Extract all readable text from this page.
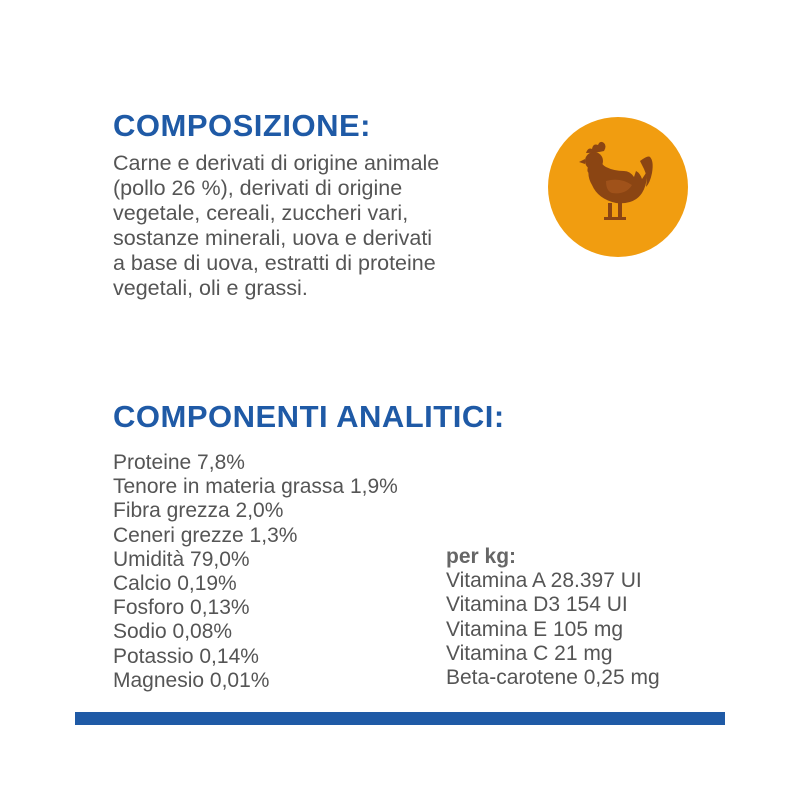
COMPOSIZIONE:

Carne e derivati di origine animale
(pollo 26 %), derivati di origine
vegetale, cereali, zuccheri vari,
sostanze minerali, uova e derivati
a base di uova, estratti di proteine
vegetali, oli e grassi.

COMPONENTI ANALITICI:
Proteine 7,8%
Tenore in materia grassa 1,9%
Fibra grezza 2,0%
Ceneri grezze 1,3%
Umidità 79,0%
Calcio 0,19%
Fosforo 0,13%
Sodio 0,08%
Potassio 0,14%
Magnesio 0,01%
per kg:
Vitamina A 28.397 UI
Vitamina D3 154 UI
Vitamina E 105 mg
Vitamina C 21 mg
Beta-carotene 0,25 mg
